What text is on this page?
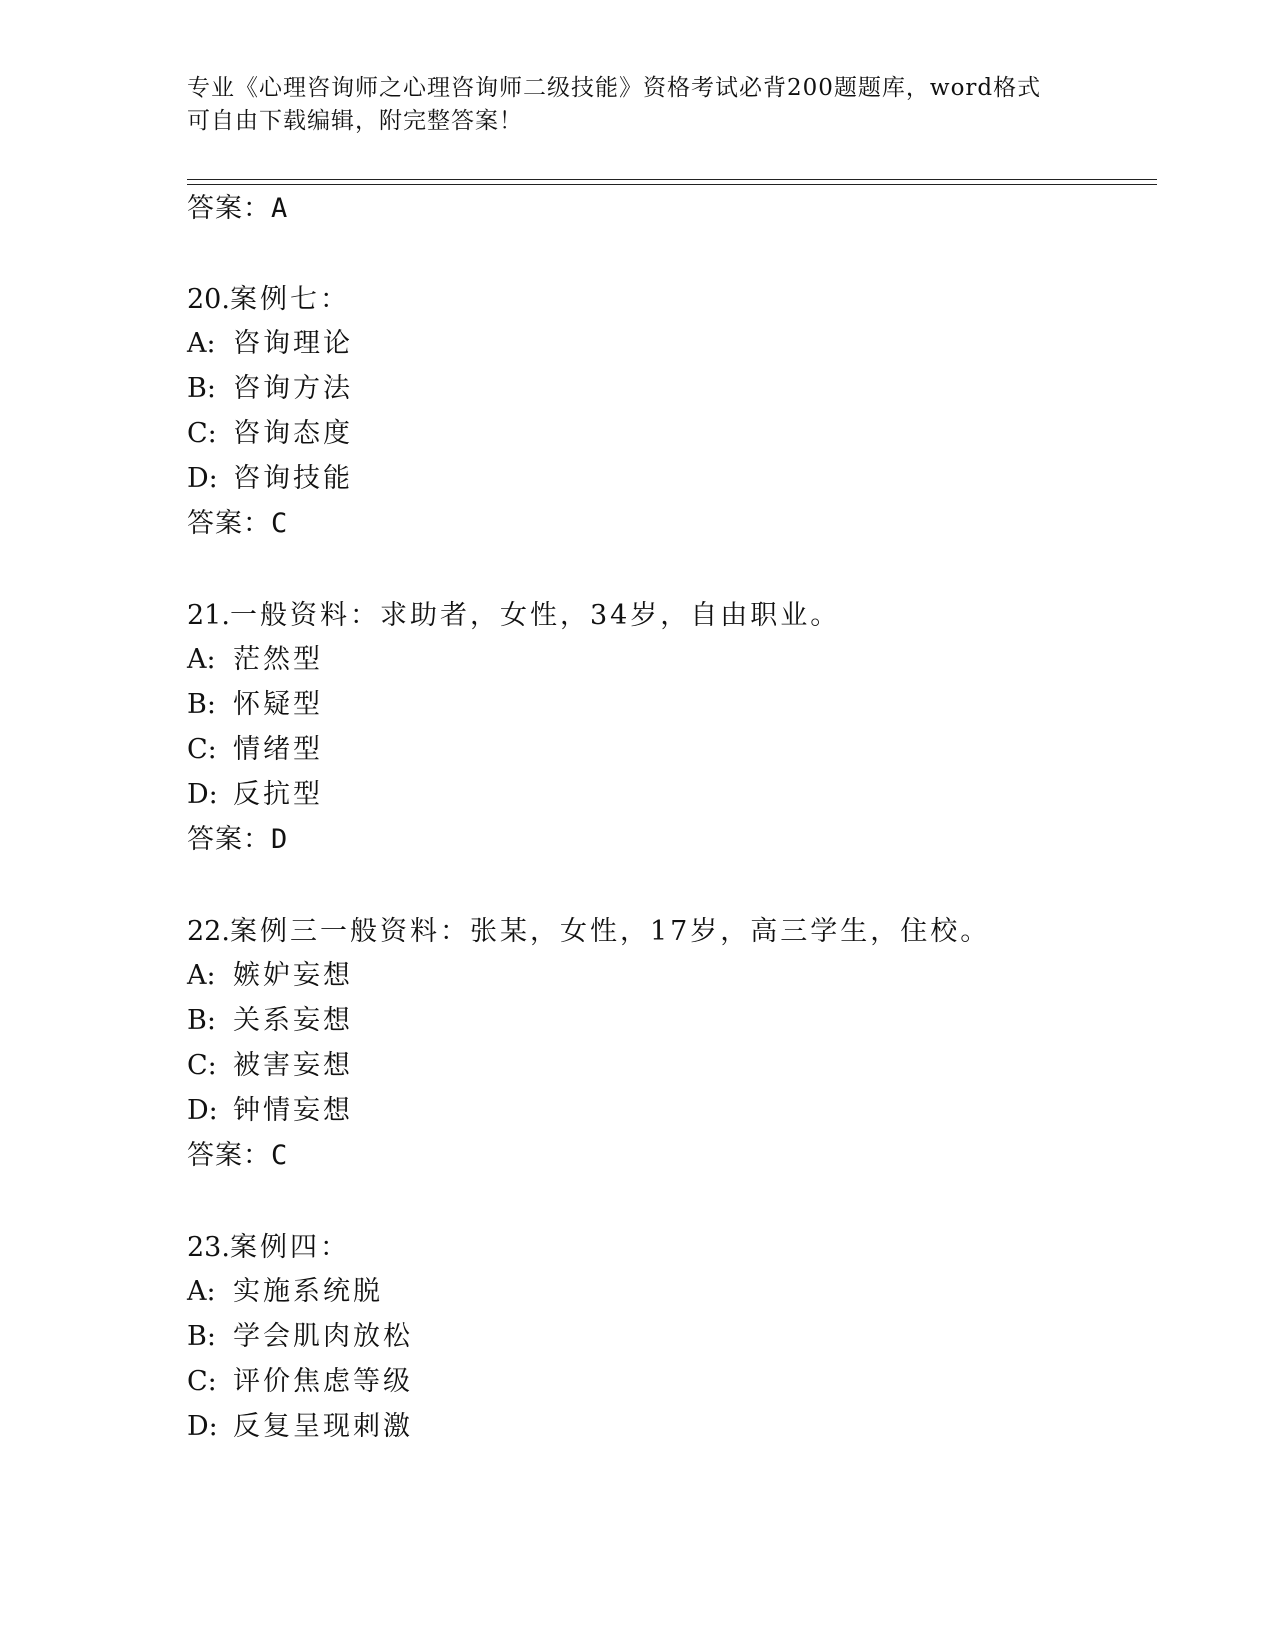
专业《心理咨询师之心理咨询师二级技能》资格考试必背200题题库，word格式
可自由下载编辑，附完整答案！
答案：A
20.案例七：
A: 咨询理论
B: 咨询方法
C: 咨询态度
D: 咨询技能
答案：C
21.一般资料：求助者，女性，34岁，自由职业。
A: 茫然型
B: 怀疑型
C: 情绪型
D: 反抗型
答案：D
22.案例三一般资料：张某，女性，17岁，高三学生，住校。
A: 嫉妒妄想
B: 关系妄想
C: 被害妄想
D: 钟情妄想
答案：C
23.案例四：
A: 实施系统脱
B: 学会肌肉放松
C: 评价焦虑等级
D: 反复呈现刺激
